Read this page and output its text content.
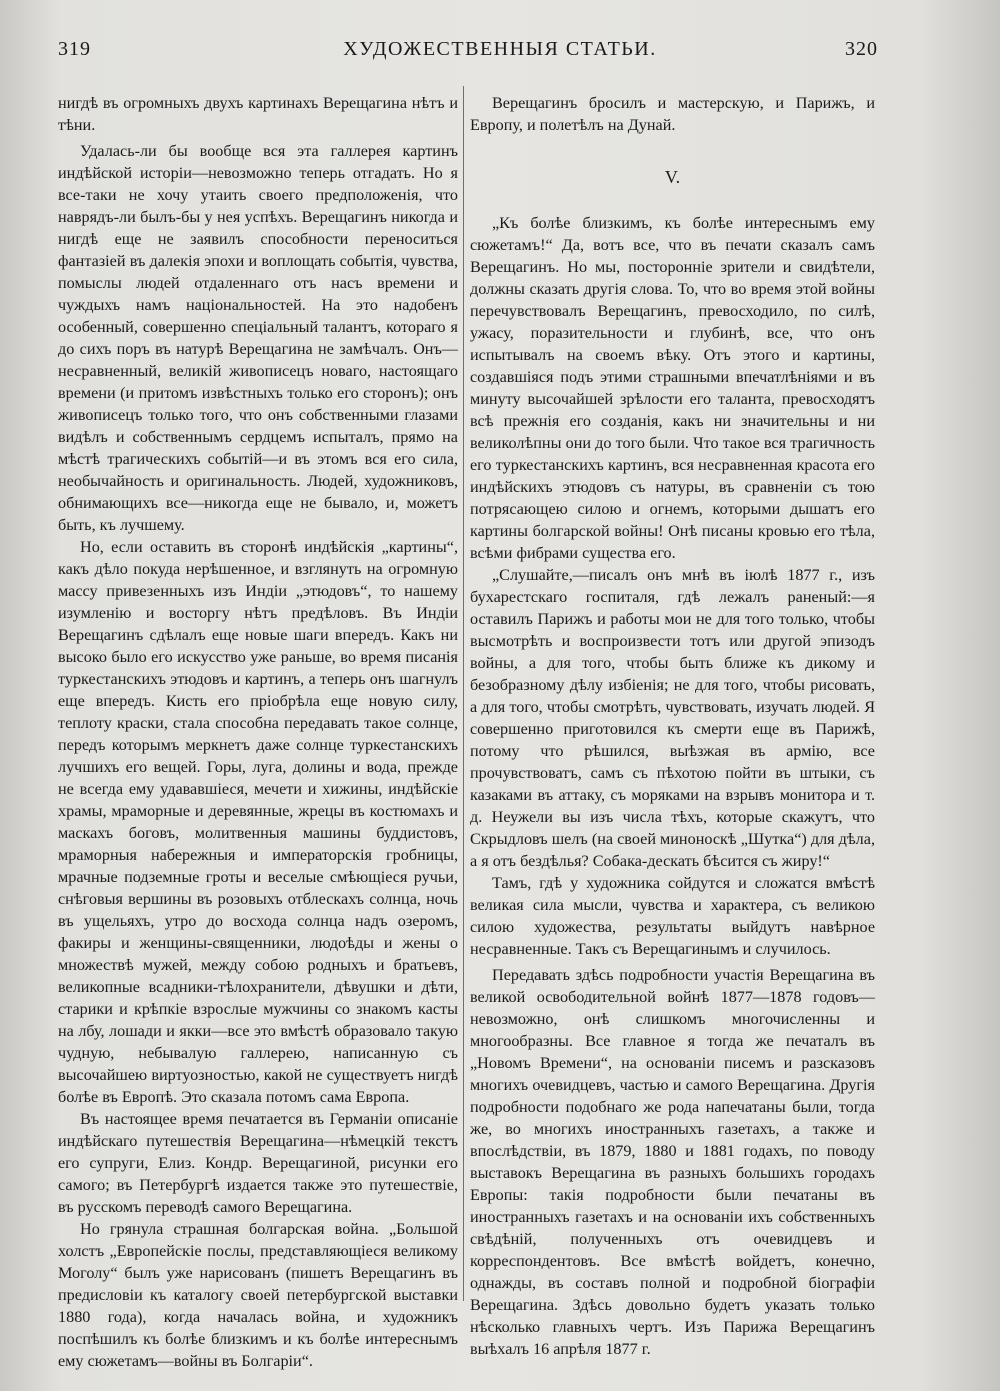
319	ХУДОЖЕСТВЕННЫЯ СТАТЬИ.	320

нигдѣ въ огромныхъ двухъ картинахъ Верещагина нѣтъ и тѣни.

Удалась-ли бы вообще вся эта галлерея картинъ индѣйской исторіи—невозможно теперь отгадать. Но я все-таки не хочу утаить своего предположенія, что наврядъ-ли былъ-бы у нея успѣхъ. Верещагинъ никогда и нигдѣ еще не заявилъ способности переноситься фантазіей въ далекія эпохи и воплощать событія, чувства, помыслы людей отдаленнаго отъ насъ времени и чуждыхъ намъ національностей. На это надобенъ особенный, совершенно спеціальный талантъ, котораго я до сихъ поръ въ натурѣ Верещагина не замѣчалъ. Онъ—несравненный, великій живописецъ новаго, настоящаго времени (и притомъ извѣстныхъ только его сторонъ); онъ живописецъ только того, что онъ собственными глазами видѣлъ и собственнымъ сердцемъ испыталъ, прямо на мѣстѣ трагическихъ событій—и въ этомъ вся его сила, необычайность и оригинальность. Людей, художниковъ, обнимающихъ все—никогда еще не бывало, и, можетъ быть, къ лучшему.

Но, если оставить въ сторонѣ индѣйскія „картины“, какъ дѣло покуда нерѣшенное, и взглянуть на огромную массу привезенныхъ изъ Индіи „этюдовъ“, то нашему изумленію и восторгу нѣтъ предѣловъ. Въ Индіи Верещагинъ сдѣлалъ еще новые шаги впередъ. Какъ ни высоко было его искусство уже раньше, во время писанія туркестанскихъ этюдовъ и картинъ, а теперь онъ шагнулъ еще впередъ. Кисть его пріобрѣла еще новую силу, теплоту краски, стала способна передавать такое солнце, передъ которымъ меркнетъ даже солнце туркестанскихъ лучшихъ его вещей. Горы, луга, долины и вода, прежде не всегда ему удававшіеся, мечети и хижины, индѣйскіе храмы, мраморные и деревянные, жрецы въ костюмахъ и маскахъ боговъ, молитвенныя машины буддистовъ, мраморныя набережныя и императорскія гробницы, мрачные подземные гроты и веселые смѣющіеся ручьи, снѣговыя вершины въ розовыхъ отблескахъ солнца, ночь въ ущельяхъ, утро до восхода солнца надъ озеромъ, факиры и женщины-священники, людоѣды и жены о множествѣ мужей, между собою родныхъ и братьевъ, великопные всадники-тѣлохранители, дѣвушки и дѣти, старики и крѣпкіе взрослые мужчины со знакомъ касты на лбу, лошади и якки—все это вмѣстѣ образовало такую чудную, небывалую галлерею, написанную съ высочайшею виртуозностью, какой не существуетъ нигдѣ болѣе въ Европѣ. Это сказала потомъ сама Европа.

Въ настоящее время печатается въ Германіи описаніе индѣйскаго путешествія Верещагина—нѣмецкій текстъ его супруги, Елиз. Кондр. Верещагиной, рисунки его самого; въ Петербургѣ издается также это путешествіе, въ русскомъ переводѣ самого Верещагина.

Но грянула страшная болгарская война. „Большой холстъ „Европейскіе послы, представляющіеся великому Моголу“ былъ уже нарисованъ (пишетъ Верещагинъ въ предисловіи къ каталогу своей петербургской выставки 1880 года), когда началась война, и художникъ поспѣшилъ къ болѣе близкимъ и къ болѣе интереснымъ ему сюжетамъ—войны въ Болгаріи“.

Верещагинъ бросилъ и мастерскую, и Парижъ, и Европу, и полетѣлъ на Дунай.

V.

„Къ болѣе близкимъ, къ болѣе интереснымъ ему сюжетамъ!“ Да, вотъ все, что въ печати сказалъ самъ Верещагинъ. Но мы, посторонніе зрители и свидѣтели, должны сказать другія слова. То, что во время этой войны перечувствовалъ Верещагинъ, превосходило, по силѣ, ужасу, поразительности и глубинѣ, все, что онъ испытывалъ на своемъ вѣку. Отъ этого и картины, создавшіяся подъ этими страшными впечатлѣніями и въ минуту высочайшей зрѣлости его таланта, превосходятъ всѣ прежнія его созданія, какъ ни значительны и ни великолѣпны они до того были. Что такое вся трагичность его туркестанскихъ картинъ, вся несравненная красота его индѣйскихъ этюдовъ съ натуры, въ сравненіи съ тою потрясающею силою и огнемъ, которыми дышатъ его картины болгарской войны! Онѣ писаны кровью его тѣла, всѣми фибрами существа его.

„Слушайте,—писалъ онъ мнѣ въ іюлѣ 1877 г., изъ бухарестскаго госпиталя, гдѣ лежалъ раненый:—я оставилъ Парижъ и работы мои не для того только, чтобы высмотрѣть и воспроизвести тотъ или другой эпизодъ войны, а для того, чтобы быть ближе къ дикому и безобразному дѣлу избіенія; не для того, чтобы рисовать, а для того, чтобы смотрѣть, чувствовать, изучать людей. Я совершенно приготовился къ смерти еще въ Парижѣ, потому что рѣшился, выѣзжая въ армію, все прочувствоватъ, самъ съ пѣхотою пойти въ штыки, съ казаками въ аттаку, съ моряками на взрывъ монитора и т. д. Неужели вы изъ числа тѣхъ, которые скажутъ, что Скрыдловъ шелъ (на своей миноноскѣ „Шутка“) для дѣла, а я отъ бездѣлья? Собака-дескать бѣсится съ жиру!“

Тамъ, гдѣ у художника сойдутся и сложатся вмѣстѣ великая сила мысли, чувства и характера, съ великою силою художества, результаты выйдутъ навѣрное несравненные. Такъ съ Верещагинымъ и случилось.

Передавать здѣсь подробности участія Верещагина въ великой освободительной войнѣ 1877—1878 годовъ—невозможно, онѣ слишкомъ многочисленны и многообразны. Все главное я тогда же печаталъ въ „Новомъ Времени“, на основаніи писемъ и разсказовъ многихъ очевидцевъ, частью и самого Верещагина. Другія подробности подобнаго же рода напечатаны были, тогда же, во многихъ иностранныхъ газетахъ, а также и впослѣдствіи, въ 1879, 1880 и 1881 годахъ, по поводу выставокъ Верещагина въ разныхъ большихъ городахъ Европы: такія подробности были печатаны въ иностранныхъ газетахъ и на основаніи ихъ собственныхъ свѣдѣній, полученныхъ отъ очевидцевъ и корреспондентовъ. Все вмѣстѣ войдетъ, конечно, однажды, въ составъ полной и подробной біографіи Верещагина. Здѣсь довольно будетъ указать только нѣсколько главныхъ чертъ. Изъ Парижа Верещагинъ выѣхалъ 16 апрѣля 1877 г.
